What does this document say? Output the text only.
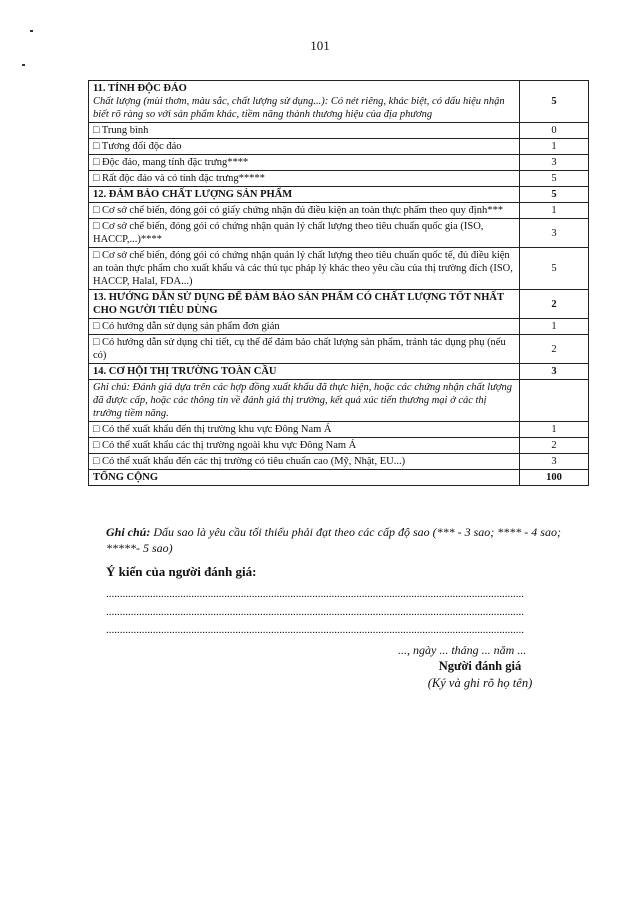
101
11. TÍNH ĐỘC ĐÁO
Chất lượng (mùi thơm, màu sắc, chất lượng sử dụng...): Có nét riêng, khác biệt, có dấu hiệu nhận biết rõ ràng so với sản phẩm khác, tiềm năng thành thương hiệu của địa phương	5
□ Trung bình	0
□ Tương đối độc đáo	1
□ Độc đáo, mang tính đặc trưng****	3
□ Rất độc đáo và có tính đặc trưng*****	5
12. ĐẢM BẢO CHẤT LƯỢNG SẢN PHẨM	5
□ Cơ sở chế biến, đóng gói có giấy chứng nhận đủ điều kiện an toàn thực phẩm theo quy định***	1
□ Cơ sở chế biến, đóng gói có chứng nhận quản lý chất lượng theo tiêu chuẩn quốc gia (ISO, HACCP,...)****	3
□ Cơ sở chế biến, đóng gói có chứng nhận quản lý chất lượng theo tiêu chuẩn quốc tế, đủ điều kiện an toàn thực phẩm cho xuất khẩu và các thủ tục pháp lý khác theo yêu cầu của thị trường đích (ISO, HACCP, Halal, FDA...)	5
13. HƯỚNG DẪN SỬ DỤNG ĐỂ ĐẢM BẢO SẢN PHẨM CÓ CHẤT LƯỢNG TỐT NHẤT CHO NGƯỜI TIÊU DÙNG	2
□ Có hướng dẫn sử dụng sản phẩm đơn giản	1
□ Có hướng dẫn sử dụng chi tiết, cụ thể để đảm bảo chất lượng sản phẩm, tránh tác dụng phụ (nếu có)	2
14. CƠ HỘI THỊ TRƯỜNG TOÀN CẦU	3
Ghi chú: Đánh giá dựa trên các hợp đồng xuất khẩu đã thực hiện, hoặc các chứng nhận chất lượng đã được cấp, hoặc các thông tin về đánh giá thị trường, kết quả xúc tiến thương mại ở các thị trường tiềm năng.	
□ Có thể xuất khẩu đến thị trường khu vực Đông Nam Á	1
□ Có thể xuất khẩu các thị trường ngoài khu vực Đông Nam Á	2
□ Có thể xuất khẩu đến các thị trường có tiêu chuẩn cao (Mỹ, Nhật, EU...)	3
TỔNG CỘNG	100
Ghi chú: Dấu sao là yêu cầu tối thiểu phải đạt theo các cấp độ sao (*** - 3 sao; **** - 4 sao; *****- 5 sao)
Ý kiến của người đánh giá:
........................................................................................................................................................
........................................................................................................................................................
........................................................................................................................................................
..., ngày ... tháng ... năm ...
Người đánh giá
(Ký và ghi rõ họ tên)
